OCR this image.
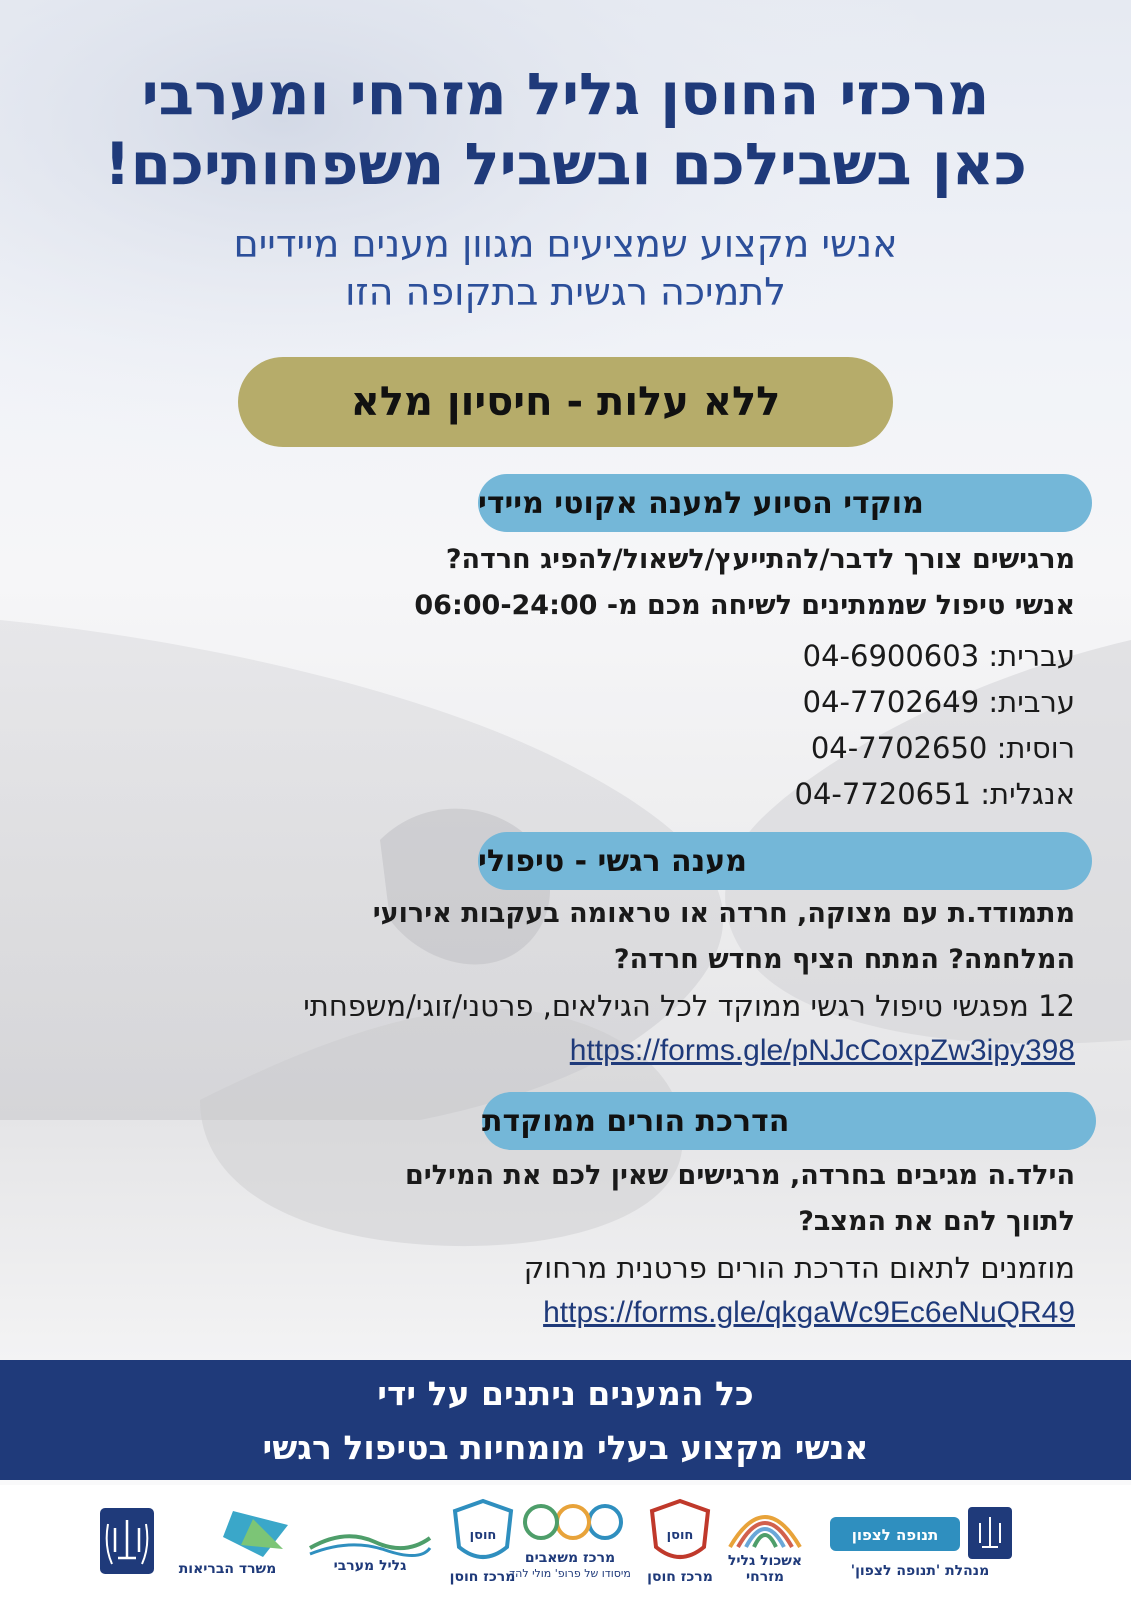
מרכזי החוסן גליל מזרחי ומערבי
כאן בשבילכם ובשביל משפחותיכם!
אנשי מקצוע שמציעים מגוון מענים מיידיים
לתמיכה רגשית בתקופה הזו
ללא עלות - חיסיון מלא
מוקדי הסיוע למענה אקוטי מיידי
מרגישים צורך לדבר/להתייעץ/לשאול/להפיג חרדה?
אנשי טיפול שממתינים לשיחה מכם מ- 06:00-24:00
עברית: 04-6900603
ערבית: 04-7702649
רוסית: 04-7702650
אנגלית: 04-7720651
מענה רגשי - טיפולי
מתמודד.ת עם מצוקה, חרדה או טראומה בעקבות אירועי
המלחמה? המתח הציף מחדש חרדה?
12 מפגשי טיפול רגשי ממוקד לכל הגילאים, פרטני/זוגי/משפחתי
https://forms.gle/pNJcCoxpZw3ipy398
הדרכת הורים ממוקדת
הילד.ה מגיבים בחרדה, מרגישים שאין לכם את המילים
לתווך להם את המצב?
מוזמנים לתאום הדרכת הורים פרטנית מרחוק
https://forms.gle/qkgaWc9Ec6eNuQR49
כל המענים ניתנים על ידי
אנשי מקצוע בעלי מומחיות בטיפול רגשי
תנופה לצפון
מנהלת 'תנופה לצפון'
אשכול גליל מזרחי
חוסן
מרכז חוסן
מרכז משאבים
מיסודו של פרופ' מולי להד
חוסן
מרכז חוסן
גליל מערבי
משרד הבריאות
